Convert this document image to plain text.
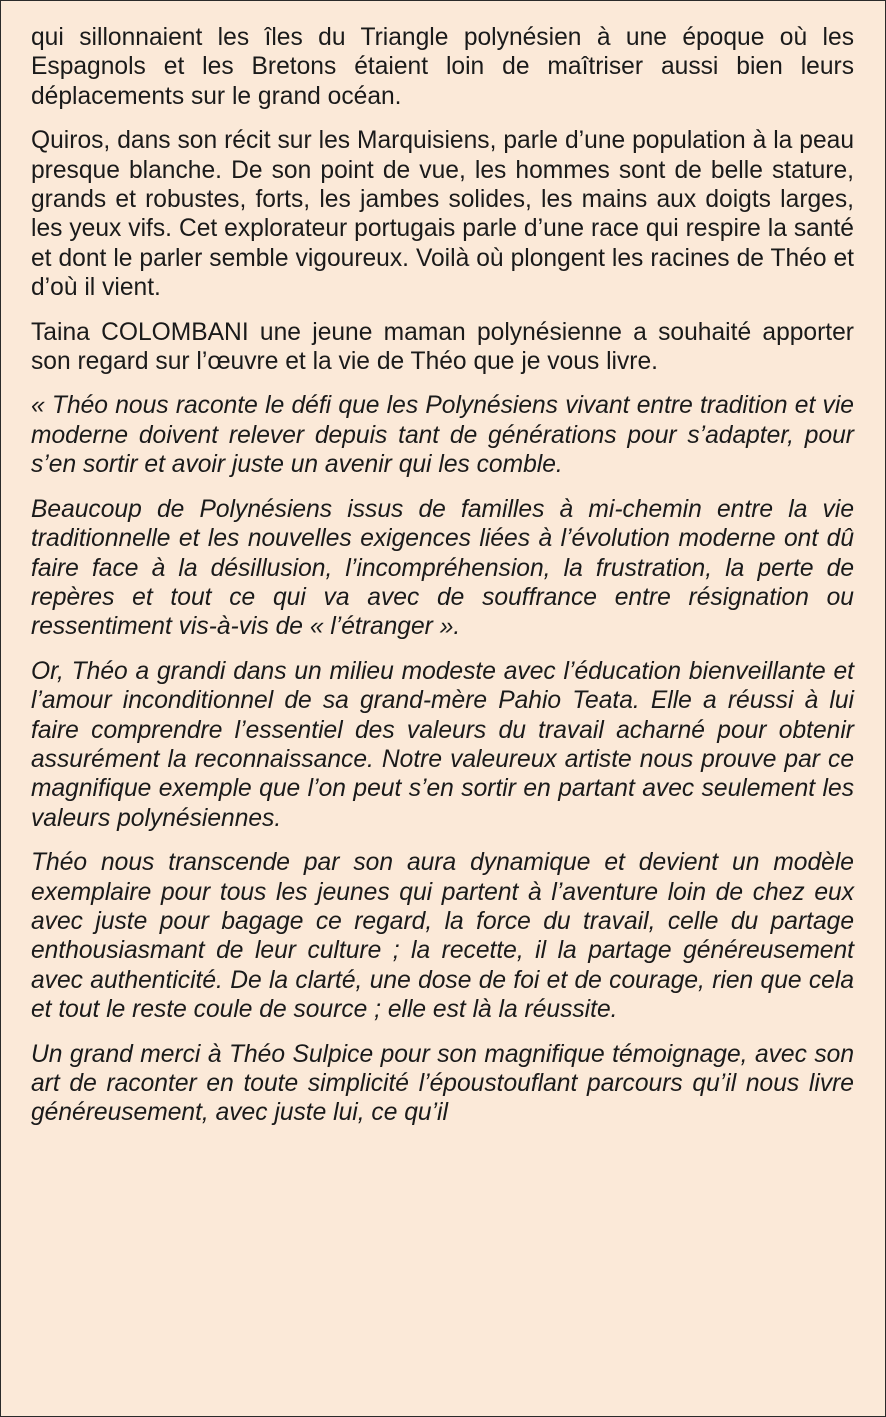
qui sillonnaient les îles du Triangle polynésien à une époque où les Espagnols et les Bretons étaient loin de maîtriser aussi bien leurs déplacements sur le grand océan.

Quiros, dans son récit sur les Marquisiens, parle d’une population à la peau presque blanche. De son point de vue, les hommes sont de belle stature, grands et robustes, forts, les jambes solides, les mains aux doigts larges, les yeux vifs. Cet explorateur portugais parle d’une race qui respire la santé et dont le parler semble vigoureux. Voilà où plongent les racines de Théo et d’où il vient.

Taina COLOMBANI une jeune maman polynésienne a souhaité apporter son regard sur l’œuvre et la vie de Théo que je vous livre.

« Théo nous raconte le défi que les Polynésiens vivant entre tradition et vie moderne doivent relever depuis tant de générations pour s’adapter, pour s’en sortir et avoir juste un avenir qui les comble.

Beaucoup de Polynésiens issus de familles à mi-chemin entre la vie traditionnelle et les nouvelles exigences liées à l’évolution moderne ont dû faire face à la désillusion, l’incompréhension, la frustration, la perte de repères et tout ce qui va avec de souffrance entre résignation ou ressentiment vis-à-vis de « l’étranger ».

Or, Théo a grandi dans un milieu modeste avec l’éducation bienveillante et l’amour inconditionnel de sa grand-mère Pahio Teata. Elle a réussi à lui faire comprendre l’essentiel des valeurs du travail acharné pour obtenir assurément la reconnaissance. Notre valeureux artiste nous prouve par ce magnifique exemple que l’on peut s’en sortir en partant avec seulement les valeurs polynésiennes.

Théo nous transcende par son aura dynamique et devient un modèle exemplaire pour tous les jeunes qui partent à l’aventure loin de chez eux avec juste pour bagage ce regard, la force du travail, celle du partage enthousiasmant de leur culture ; la recette, il la partage généreusement avec authenticité. De la clarté, une dose de foi et de courage, rien que cela et tout le reste coule de source ; elle est là la réussite.

Un grand merci à Théo Sulpice pour son magnifique témoignage, avec son art de raconter en toute simplicité l’époustouflant parcours qu’il nous livre généreusement, avec juste lui, ce qu’il
